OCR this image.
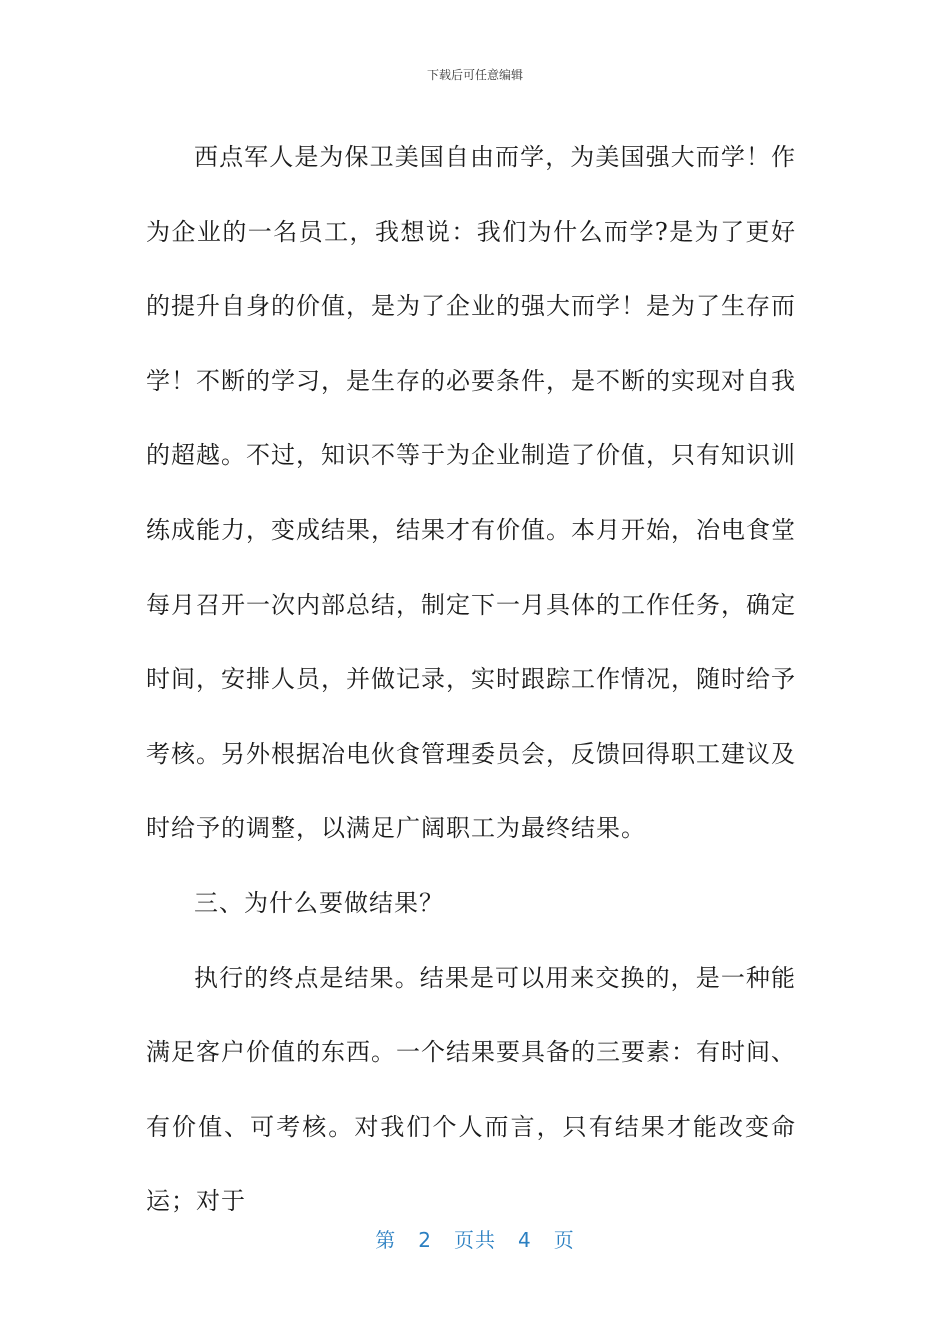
下载后可任意编辑

西点军人是为保卫美国自由而学，为美国强大而学！作为企业的一名员工，我想说：我们为什么而学?是为了更好的提升自身的价值，是为了企业的强大而学！是为了生存而学！不断的学习，是生存的必要条件，是不断的实现对自我的超越。不过，知识不等于为企业制造了价值，只有知识训练成能力，变成结果，结果才有价值。本月开始，冶电食堂每月召开一次内部总结，制定下一月具体的工作任务，确定时间，安排人员，并做记录，实时跟踪工作情况，随时给予考核。另外根据冶电伙食管理委员会，反馈回得职工建议及时给予的调整，以满足广阔职工为最终结果。

三、为什么要做结果？

执行的终点是结果。结果是可以用来交换的，是一种能满足客户价值的东西。一个结果要具备的三要素：有时间、有价值、可考核。对我们个人而言，只有结果才能改变命运；对于

第 2 页共 4 页
